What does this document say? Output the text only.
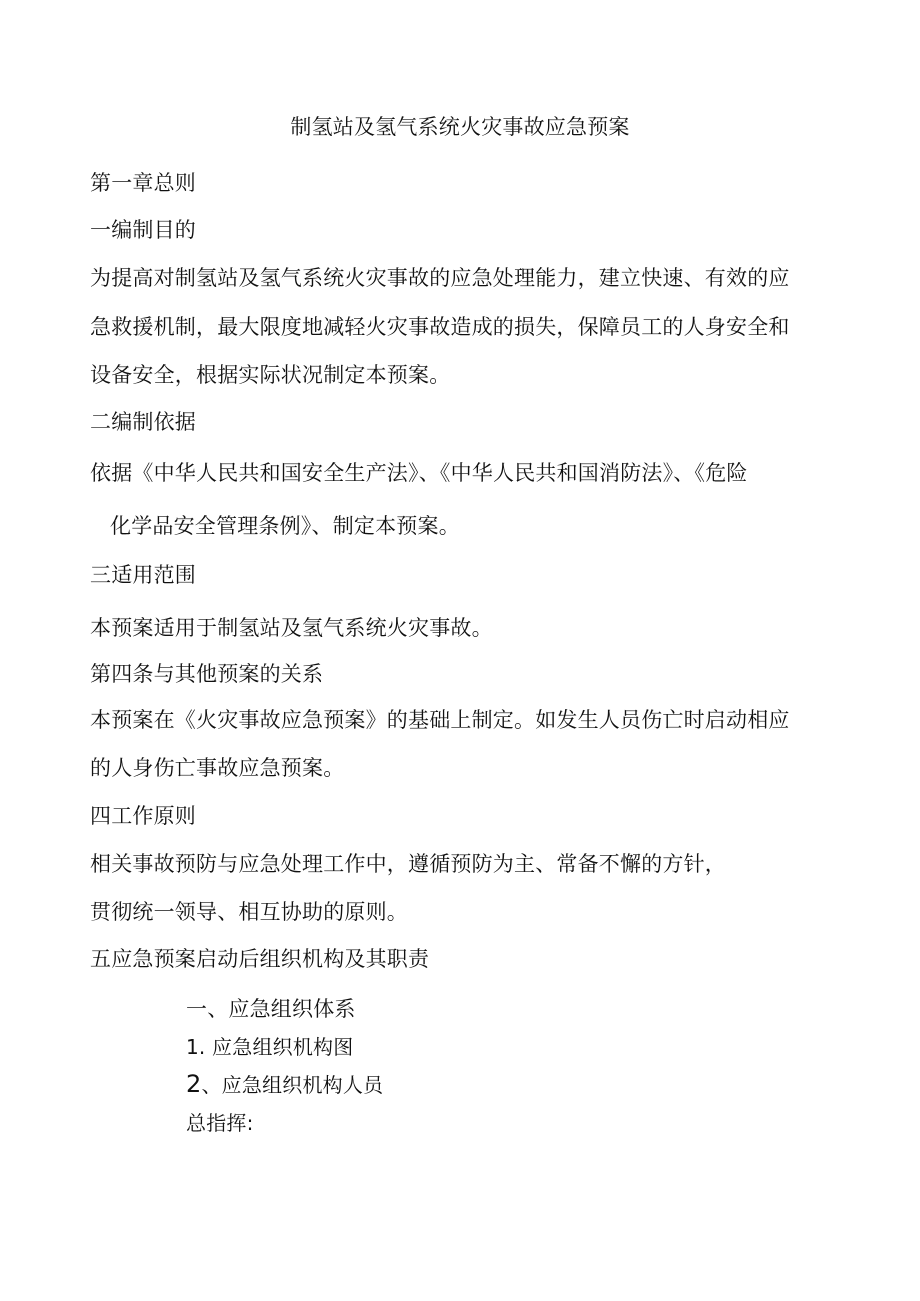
制氢站及氢气系统火灾事故应急预案
第一章总则
一编制目的
为提高对制氢站及氢气系统火灾事故的应急处理能力，建立快速、有效的应
急救援机制，最大限度地减轻火灾事故造成的损失，保障员工的人身安全和
设备安全，根据实际状况制定本预案。
二编制依据
依据《中华人民共和国安全生产法》、《中华人民共和国消防法》、《危险
化学品安全管理条例》、制定本预案。
三适用范围
本预案适用于制氢站及氢气系统火灾事故。
第四条与其他预案的关系
本预案在《火灾事故应急预案》的基础上制定。如发生人员伤亡时启动相应
的人身伤亡事故应急预案。
四工作原则
相关事故预防与应急处理工作中，遵循预防为主、常备不懈的方针，
贯彻统一领导、相互协助的原则。
五应急预案启动后组织机构及其职责
一、应急组织体系
1. 应急组织机构图
2、应急组织机构人员
总指挥:
